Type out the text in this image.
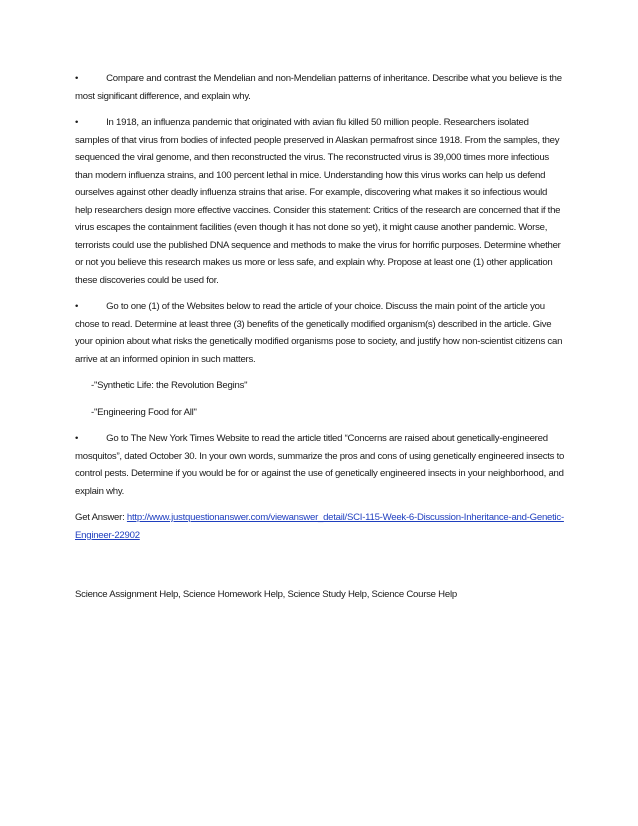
•	Compare and contrast the Mendelian and non-Mendelian patterns of inheritance. Describe what you believe is the most significant difference, and explain why.

•	In 1918, an influenza pandemic that originated with avian flu killed 50 million people. Researchers isolated samples of that virus from bodies of infected people preserved in Alaskan permafrost since 1918. From the samples, they sequenced the viral genome, and then reconstructed the virus. The reconstructed virus is 39,000 times more infectious than modern influenza strains, and 100 percent lethal in mice. Understanding how this virus works can help us defend ourselves against other deadly influenza strains that arise. For example, discovering what makes it so infectious would help researchers design more effective vaccines. Consider this statement: Critics of the research are concerned that if the virus escapes the containment facilities (even though it has not done so yet), it might cause another pandemic. Worse, terrorists could use the published DNA sequence and methods to make the virus for horrific purposes. Determine whether or not you believe this research makes us more or less safe, and explain why. Propose at least one (1) other application these discoveries could be used for.

•	Go to one (1) of the Websites below to read the article of your choice. Discuss the main point of the article you chose to read. Determine at least three (3) benefits of the genetically modified organism(s) described in the article. Give your opinion about what risks the genetically modified organisms pose to society, and justify how non-scientist citizens can arrive at an informed opinion in such matters.

-"Synthetic Life: the Revolution Begins"
-"Engineering Food for All"

•	Go to The New York Times Website to read the article titled “Concerns are raised about genetically-engineered mosquitos”, dated October 30. In your own words, summarize the pros and cons of using genetically engineered insects to control pests. Determine if you would be for or against the use of genetically engineered insects in your neighborhood, and explain why.

Get Answer: http://www.justquestionanswer.com/viewanswer_detail/SCI-115-Week-6-Discussion-Inheritance-and-Genetic-Engineer-22902
Science Assignment Help, Science Homework Help, Science Study Help, Science Course Help
